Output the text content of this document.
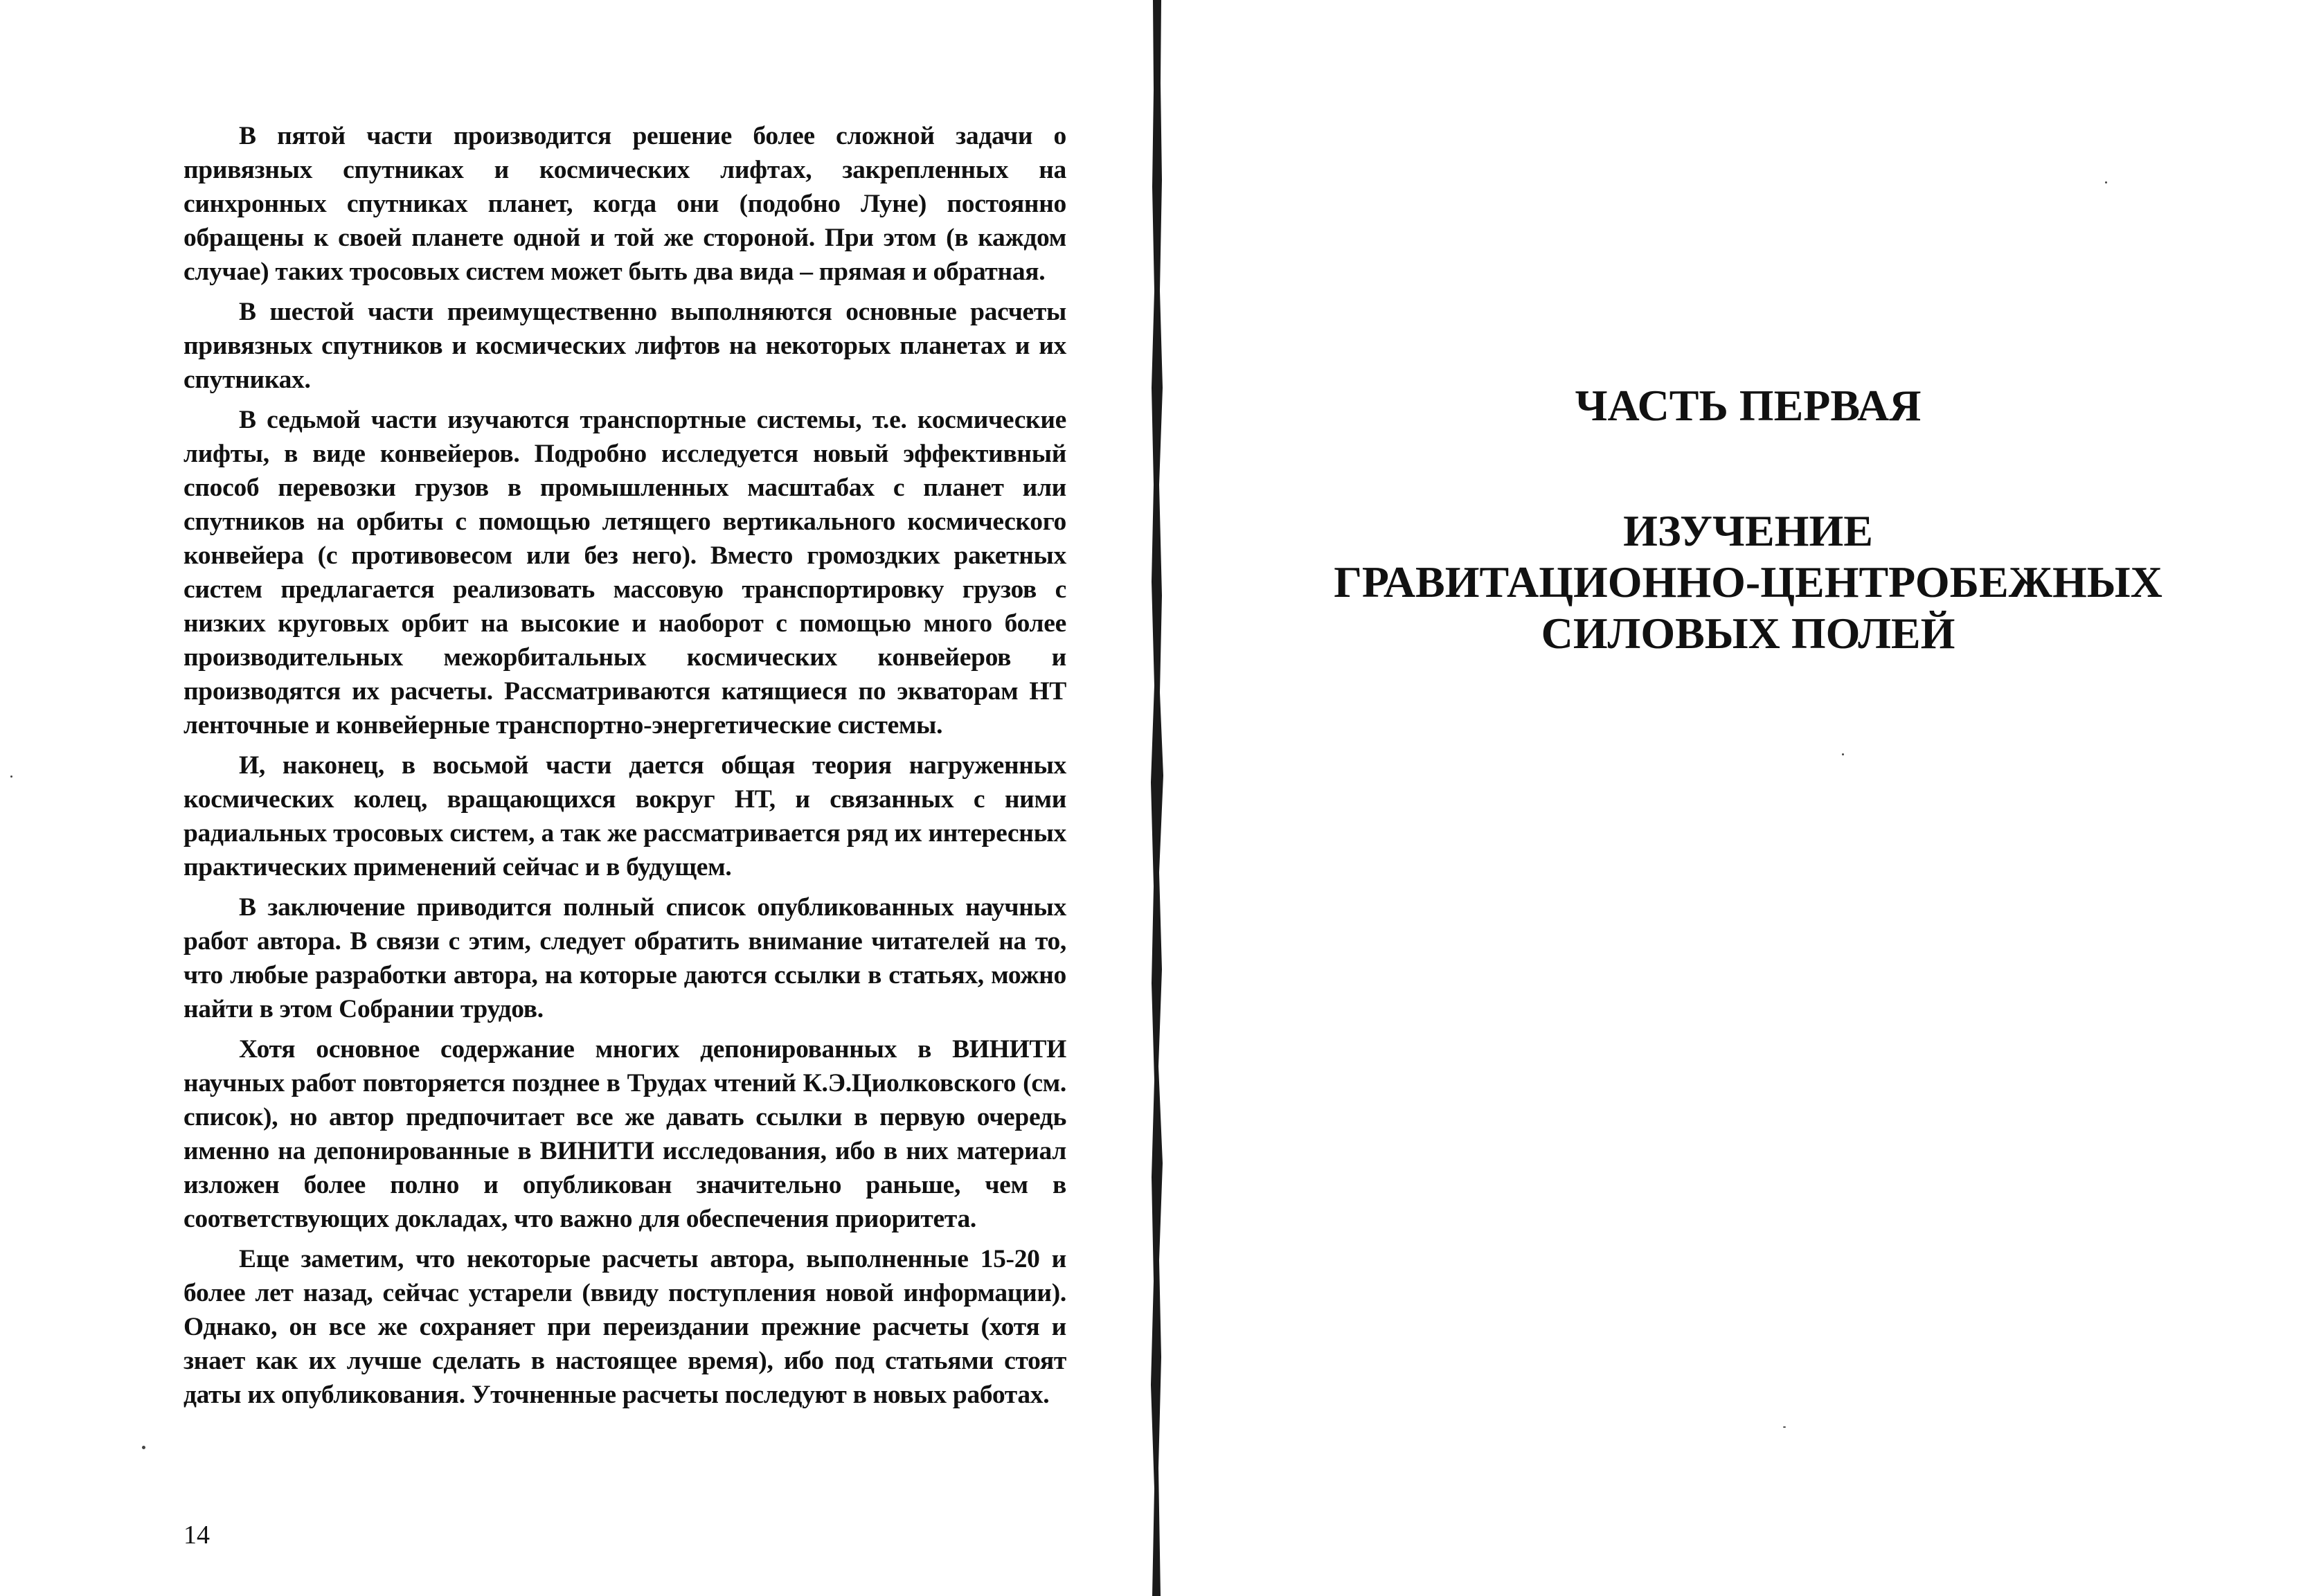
В пятой части производится решение более сложной задачи о привязных спутниках и космических лифтах, закрепленных на синхронных спутниках планет, когда они (подобно Луне) постоянно обращены к своей планете одной и той же стороной. При этом (в каждом случае) таких тросовых систем может быть два вида – прямая и обратная.

В шестой части преимущественно выполняются основные расчеты привязных спутников и космических лифтов на некоторых планетах и их спутниках.

В седьмой части изучаются транспортные системы, т.е. космические лифты, в виде конвейеров. Подробно исследуется новый эффективный способ перевозки грузов в промышленных масштабах с планет или спутников на орбиты с помощью летящего вертикального космического конвейера (с противовесом или без него). Вместо громоздких ракетных систем предлагается реализовать массовую транспортировку грузов с низких круговых орбит на высокие и наоборот с помощью много более производительных межорбитальных космических конвейеров и производятся их расчеты. Рассматриваются катящиеся по экваторам НТ ленточные и конвейерные транспортно-энергетические системы.

И, наконец, в восьмой части дается общая теория нагруженных космических колец, вращающихся вокруг НТ, и связанных с ними радиальных тросовых систем, а так же рассматривается ряд их интересных практических применений сейчас и в будущем.

В заключение приводится полный список опубликованных научных работ автора. В связи с этим, следует обратить внимание читателей на то, что любые разработки автора, на которые даются ссылки в статьях, можно найти в этом Собрании трудов.

Хотя основное содержание многих депонированных в ВИНИТИ научных работ повторяется позднее в Трудах чтений К.Э.Циолковского (см. список), но автор предпочитает все же давать ссылки в первую очередь именно на депонированные в ВИНИТИ исследования, ибо в них материал изложен более полно и опубликован значительно раньше, чем в соответствующих докладах, что важно для обеспечения приоритета.

Еще заметим, что некоторые расчеты автора, выполненные 15-20 и более лет назад, сейчас устарели (ввиду поступления новой информации). Однако, он все же сохраняет при переиздании прежние расчеты (хотя и знает как их лучше сделать в настоящее время), ибо под статьями стоят даты их опубликования. Уточненные расчеты последуют в новых работах.

14
ЧАСТЬ ПЕРВАЯ
ИЗУЧЕНИЕ
ГРАВИТАЦИОННО-ЦЕНТРОБЕЖНЫХ
СИЛОВЫХ ПОЛЕЙ
